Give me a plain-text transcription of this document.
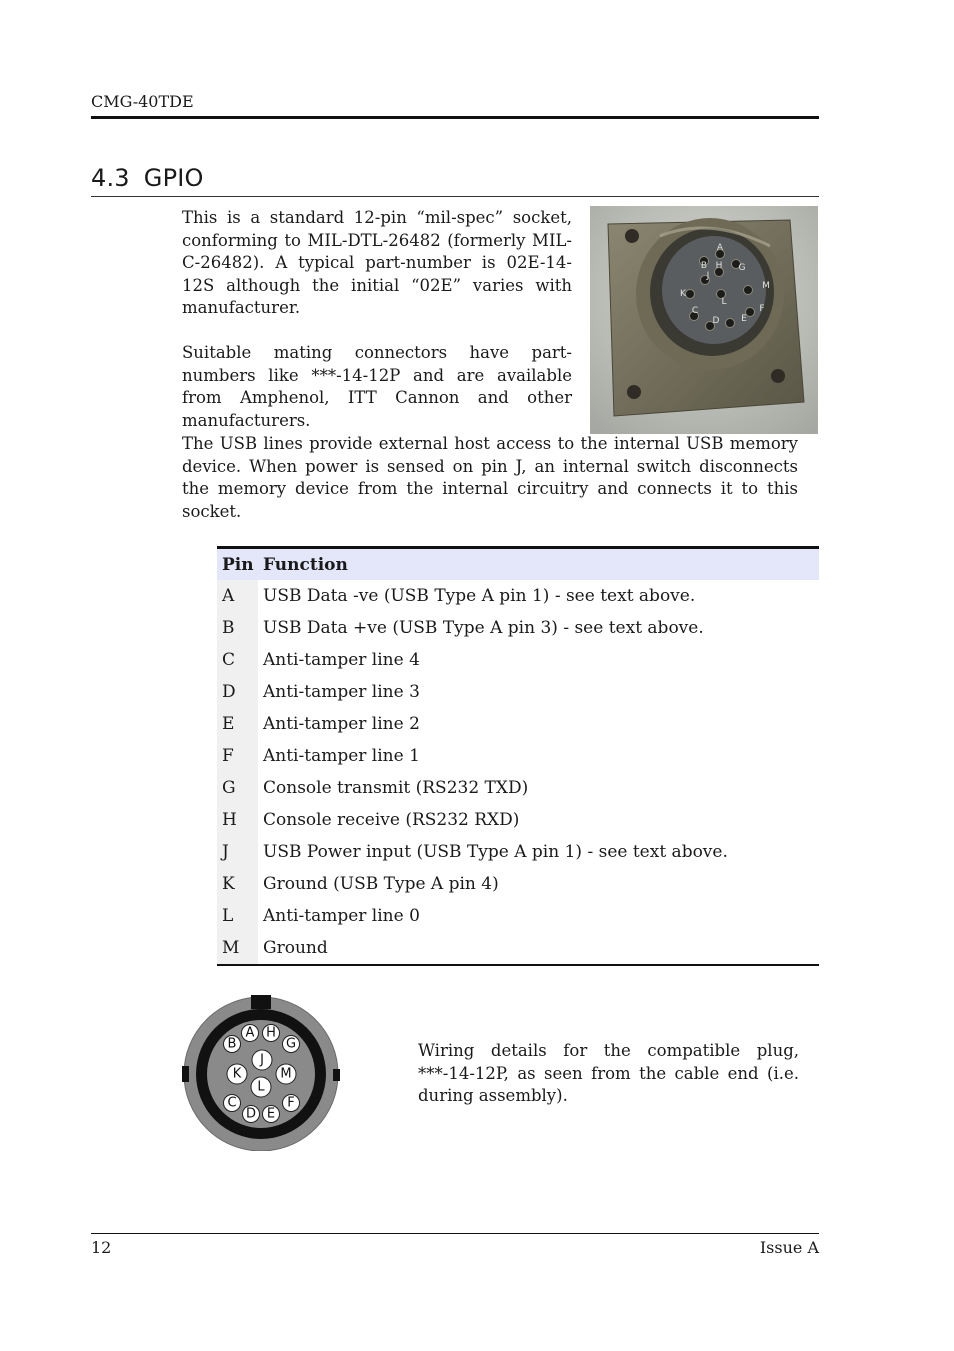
CMG-40TDE
4.3 GPIO

This is a standard 12-pin “mil-spec” socket, conforming to MIL-DTL-26482 (formerly MIL-C-26482). A typical part-number is 02E-14-12S although the initial “02E” varies with manufacturer.

Suitable mating connectors have part-numbers like ***-14-12P and are available from Amphenol, ITT Cannon and other manufacturers.

A
B	G
H
J
K
L
M
C
D E
F

The USB lines provide external host access to the internal USB memory device. When power is sensed on pin J, an internal switch disconnects the memory device from the internal circuitry and connects it to this socket.

Pin	Function
A	USB Data -ve (USB Type A pin 1) - see text above.
B	USB Data +ve (USB Type A pin 3) - see text above.
C	Anti-tamper line 4
D	Anti-tamper line 3
E	Anti-tamper line 2
F	Anti-tamper line 1
G	Console transmit (RS232 TXD)
H	Console receive (RS232 RXD)
J	USB Power input (USB Type A pin 1) - see text above.
K	Ground (USB Type A pin 4)
L	Anti-tamper line 0
M	Ground
A H
B	G
J
K	M
L
C	F
D E

Wiring details for the compatible plug, ***-14-12P, as seen from the cable end (i.e. during assembly).

12	Issue A
